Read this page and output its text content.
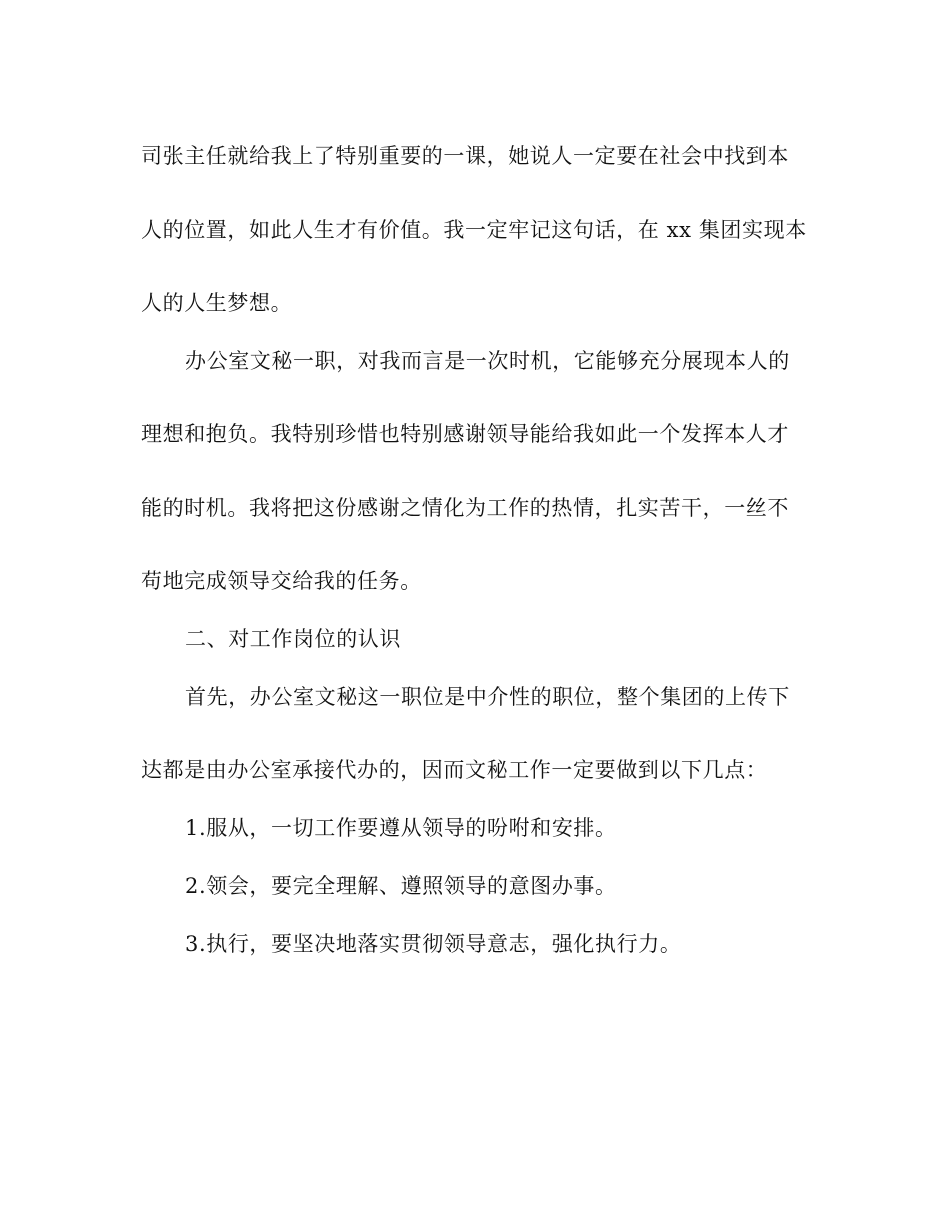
司张主任就给我上了特别重要的一课，她说人一定要在社会中找到本
人的位置，如此人生才有价值。我一定牢记这句话，在 xx 集团实现本
人的人生梦想。
办公室文秘一职，对我而言是一次时机，它能够充分展现本人的
理想和抱负。我特别珍惜也特别感谢领导能给我如此一个发挥本人才
能的时机。我将把这份感谢之情化为工作的热情，扎实苦干，一丝不
苟地完成领导交给我的任务。
二、对工作岗位的认识
首先，办公室文秘这一职位是中介性的职位，整个集团的上传下
达都是由办公室承接代办的，因而文秘工作一定要做到以下几点：
1.服从，一切工作要遵从领导的吩咐和安排。
2.领会，要完全理解、遵照领导的意图办事。
3.执行，要坚决地落实贯彻领导意志，强化执行力。
